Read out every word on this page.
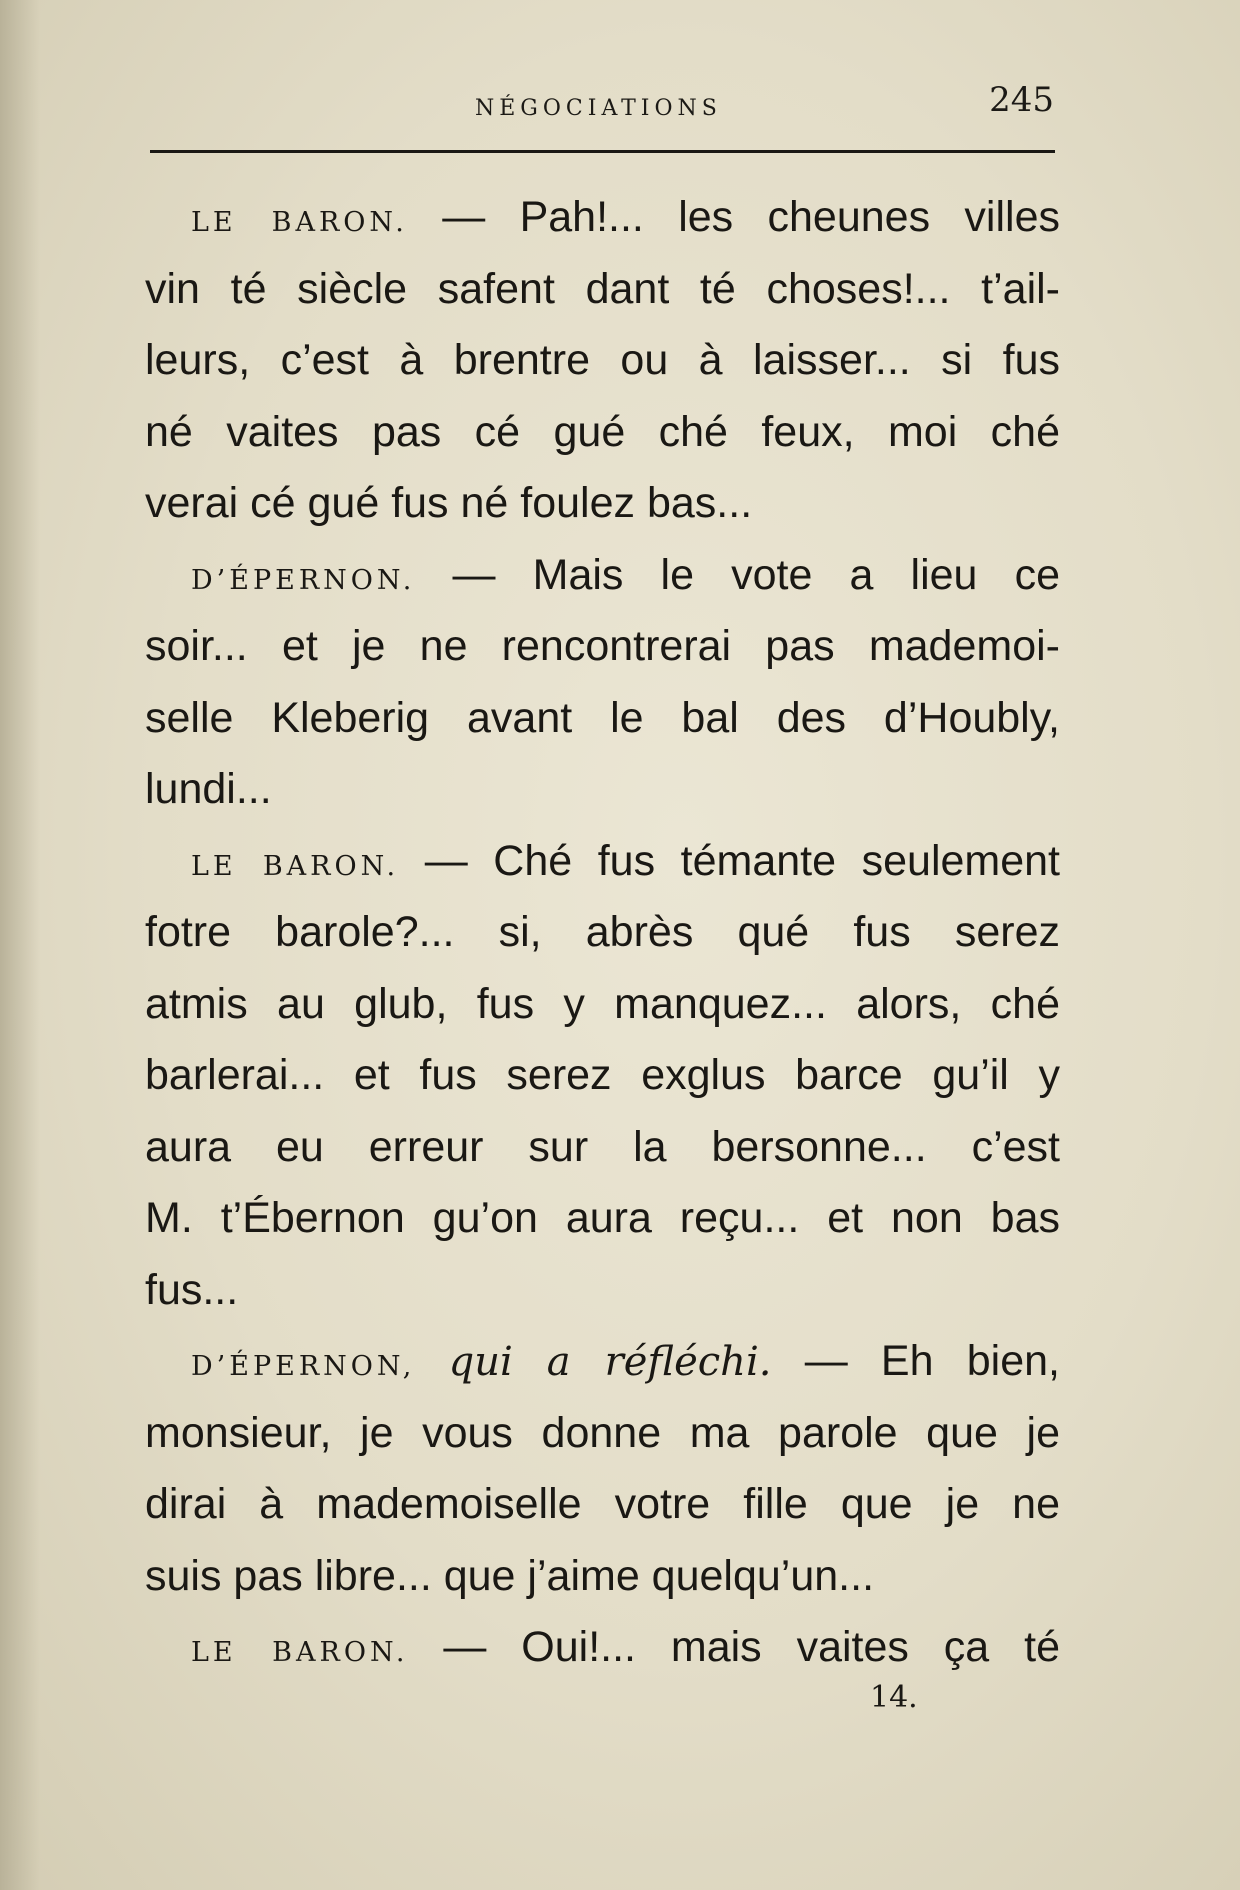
NÉGOCIATIONS	245
LE BARON. — Pah!... les cheunes villes
vin té siècle safent dant té choses!... t’ail-
leurs, c’est à brentre ou à laisser... si fus
né vaites pas cé gué ché feux, moi ché
verai cé gué fus né foulez bas...
D’ÉPERNON. — Mais le vote a lieu ce
soir... et je ne rencontrerai pas mademoi-
selle Kleberig avant le bal des d’Houbly,
lundi...
LE BARON. — Ché fus témante seulement
fotre barole?... si, abrès qué fus serez
atmis au glub, fus y manquez... alors, ché
barlerai... et fus serez exglus barce gu’il y
aura eu erreur sur la bersonne... c’est
M. t’Ébernon gu’on aura reçu... et non bas
fus...
D’ÉPERNON, qui a réfléchi. — Eh bien,
monsieur, je vous donne ma parole que je
dirai à mademoiselle votre fille que je ne
suis pas libre... que j’aime quelqu’un...
LE BARON. — Oui!... mais vaites ça té
14.
